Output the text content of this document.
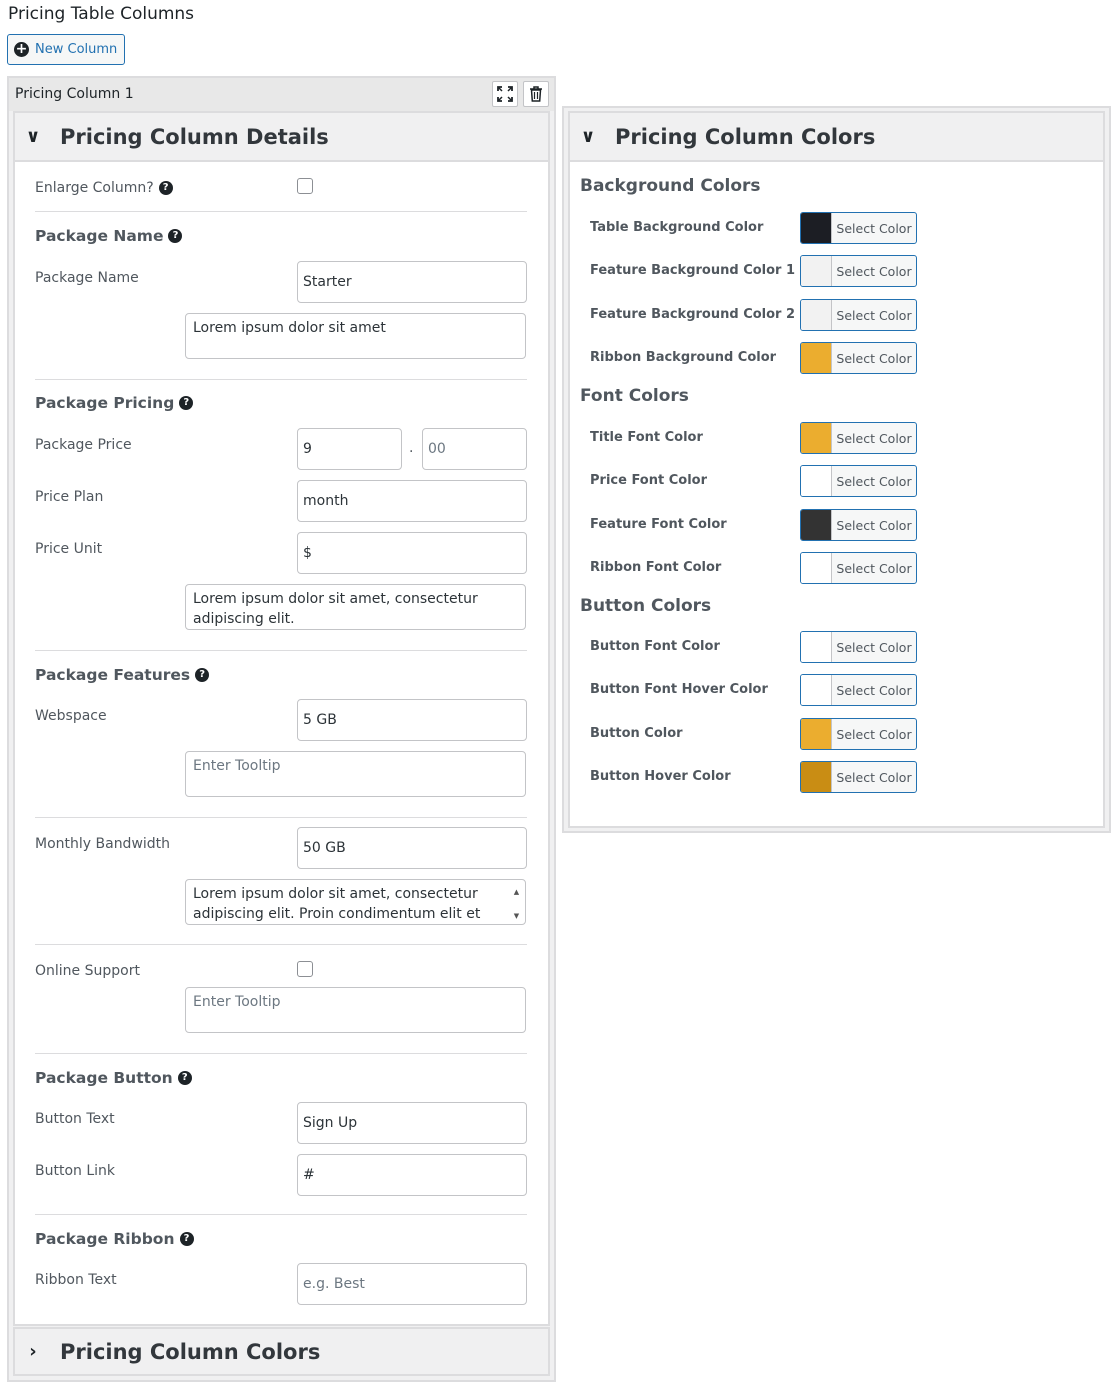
Pricing Table Columns
+ New Column
Pricing Column 1
∨ Pricing Column Details
Enlarge Column? ?
Package Name ?
Package Name	Starter
Lorem ipsum dolor sit amet
Package Pricing ?
Package Price	9	.	00
Price Plan	month
Price Unit	$
Lorem ipsum dolor sit amet, consectetur adipiscing elit.
Package Features ?
Webspace	5 GB
Enter Tooltip
Monthly Bandwidth	50 GB
Lorem ipsum dolor sit amet, consectetur adipiscing elit. Proin condimentum elit et
▲
▼
Online Support
Enter Tooltip
Package Button ?
Button Text	Sign Up
Button Link	#
Package Ribbon ?
Ribbon Text	e.g. Best
›	Pricing Column Colors
∨ Pricing Column Colors
Background Colors
Table Background Color	Select Color
Feature Background Color 1	Select Color
Feature Background Color 2	Select Color
Ribbon Background Color	Select Color
Font Colors
Title Font Color	Select Color
Price Font Color	Select Color
Feature Font Color	Select Color
Ribbon Font Color	Select Color
Button Colors
Button Font Color	Select Color
Button Font Hover Color	Select Color
Button Color	Select Color
Button Hover Color	Select Color
